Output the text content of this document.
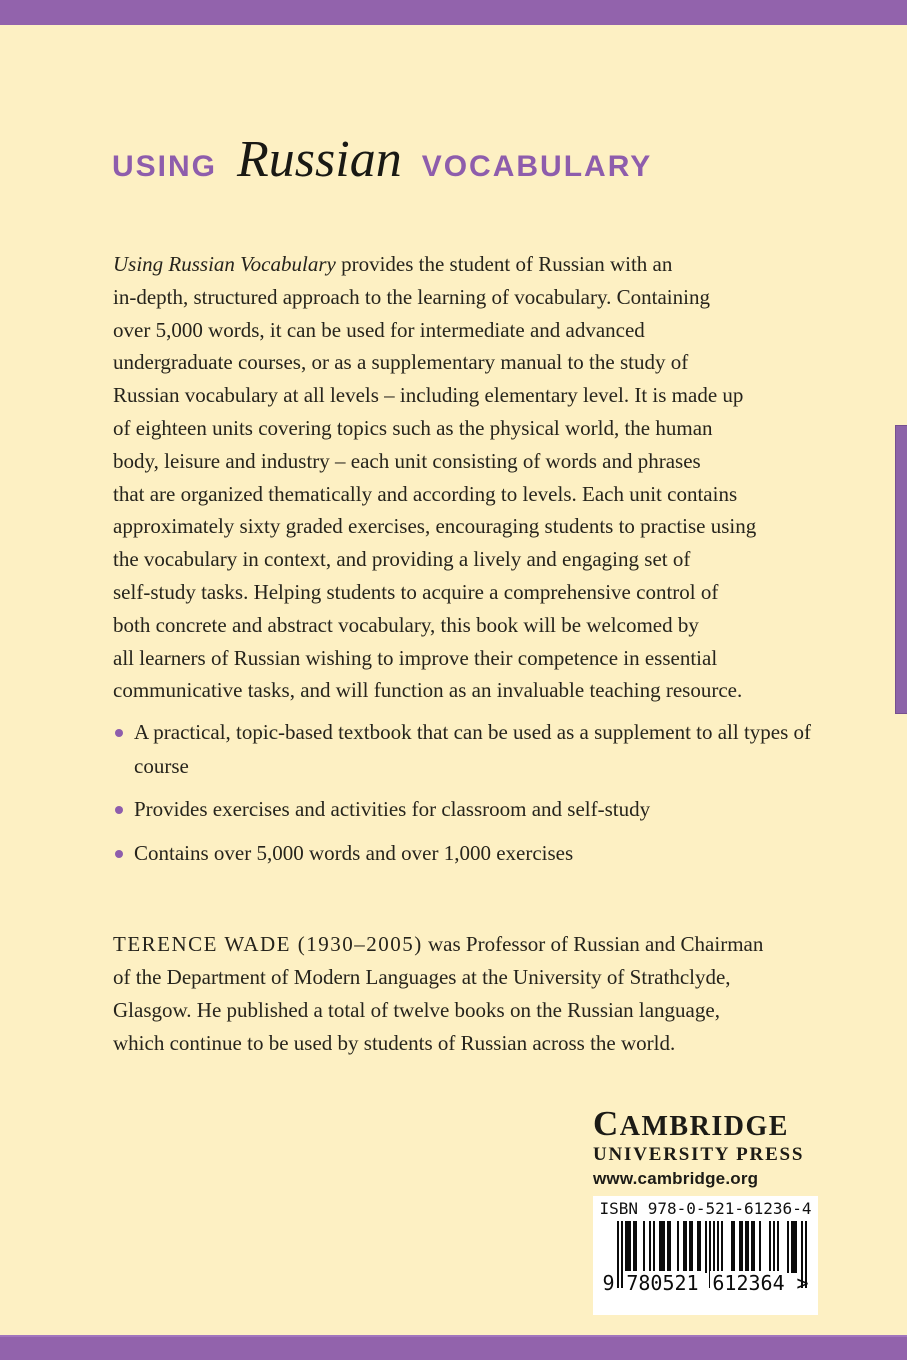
USING Russian VOCABULARY
Using Russian Vocabulary provides the student of Russian with an
in-depth, structured approach to the learning of vocabulary. Containing
over 5,000 words, it can be used for intermediate and advanced
undergraduate courses, or as a supplementary manual to the study of
Russian vocabulary at all levels – including elementary level. It is made up
of eighteen units covering topics such as the physical world, the human
body, leisure and industry – each unit consisting of words and phrases
that are organized thematically and according to levels. Each unit contains
approximately sixty graded exercises, encouraging students to practise using
the vocabulary in context, and providing a lively and engaging set of
self-study tasks. Helping students to acquire a comprehensive control of
both concrete and abstract vocabulary, this book will be welcomed by
all learners of Russian wishing to improve their competence in essential
communicative tasks, and will function as an invaluable teaching resource.
A practical, topic-based textbook that can be used as a supplement to all types of course
Provides exercises and activities for classroom and self-study
Contains over 5,000 words and over 1,000 exercises
TERENCE WADE (1930–2005) was Professor of Russian and Chairman
of the Department of Modern Languages at the University of Strathclyde,
Glasgow. He published a total of twelve books on the Russian language,
which continue to be used by students of Russian across the world.
CAMBRIDGE
UNIVERSITY PRESS
www.cambridge.org
ISBN 978-0-521-61236-4
9 780521 612364 >
